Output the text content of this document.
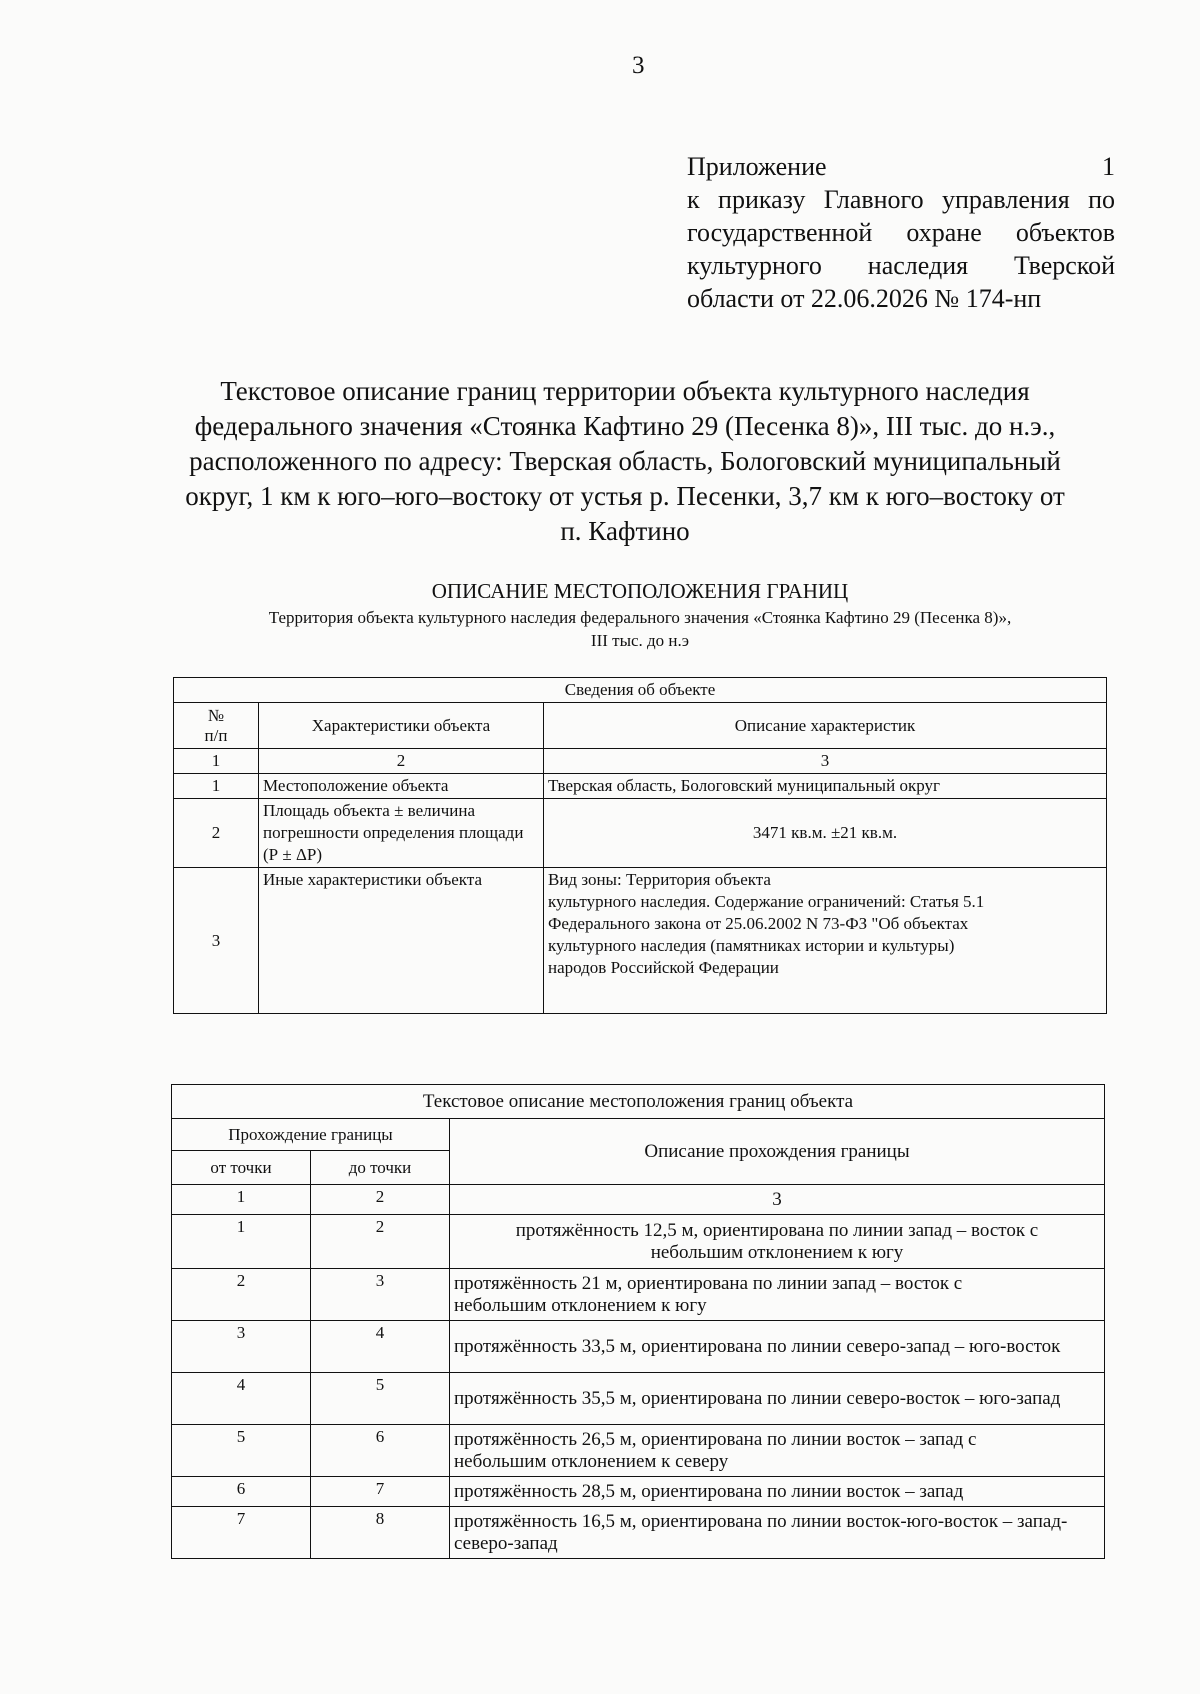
3
Приложение 1
к приказу Главного управления по
государственной охране объектов
культурного наследия Тверской
области от 22.06.2026 № 174-нп
Текстовое описание границ территории объекта культурного наследия
федерального значения «Стоянка Кафтино 29 (Песенка 8)», III тыс. до н.э.,
расположенного по адресу: Тверская область, Бологовский муниципальный
округ, 1 км к юго–юго–востоку от устья р. Песенки, 3,7 км к юго–востоку от
п. Кафтино
ОПИСАНИЕ МЕСТОПОЛОЖЕНИЯ ГРАНИЦ
Территория объекта культурного наследия федерального значения «Стоянка Кафтино 29 (Песенка 8)»,
III тыс. до н.э
Сведения об объекте		
№
п/п	Характеристики объекта	Описание характеристик
1	2	3
1	Местоположение объекта	Тверская область, Бологовский муниципальный округ
2	Площадь объекта ± величина погрешности определения площади (Р ± ΔР)	3471 кв.м. ±21 кв.м.
3	Иные характеристики объекта	Вид зоны: Территория объекта
культурного наследия. Содержание ограничений: Статья 5.1
Федерального закона от 25.06.2002 N 73-ФЗ "Об объектах
культурного наследия (памятниках истории и культуры)
народов Российской Федерации
Текстовое описание местоположения границ объекта		
Прохождение границы		Описание прохождения границы
от точки	до точки	
1	2	3
1	2	протяжённость 12,5 м, ориентирована по линии запад – восток с небольшим отклонением к югу
2	3	протяжённость 21 м, ориентирована по линии запад – восток с небольшим отклонением к югу
3	4	протяжённость 33,5 м, ориентирована по линии северо-запад – юго-восток
4	5	протяжённость 35,5 м, ориентирована по линии северо-восток – юго-запад
5	6	протяжённость 26,5 м, ориентирована по линии восток – запад с небольшим отклонением к северу
6	7	протяжённость 28,5 м, ориентирована по линии восток – запад
7	8	протяжённость 16,5 м, ориентирована по линии восток-юго-восток – запад-северо-запад
